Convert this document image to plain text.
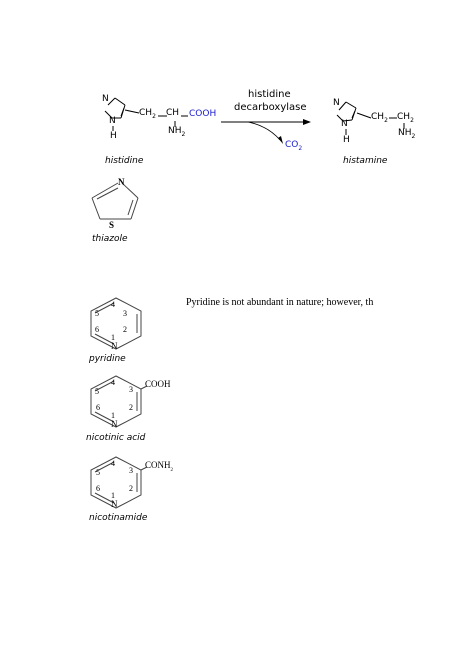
N
N
H
$CH_2$ CH COOH
$NH_2$
histidine
decarboxylase
$CO_2$
N
N
H
$CH_2$ $CH_2$
$NH_2$
histidine	histamine
N
S
thiazole
4
3
5
6	2
1
N
pyridine
4
3
5
6	2
1
N
COOH
nicotinic acid
4
3
5
6	2
1
N
$CONH_2$
nicotinamide

Pyridine is not abundant in nature; however, th
